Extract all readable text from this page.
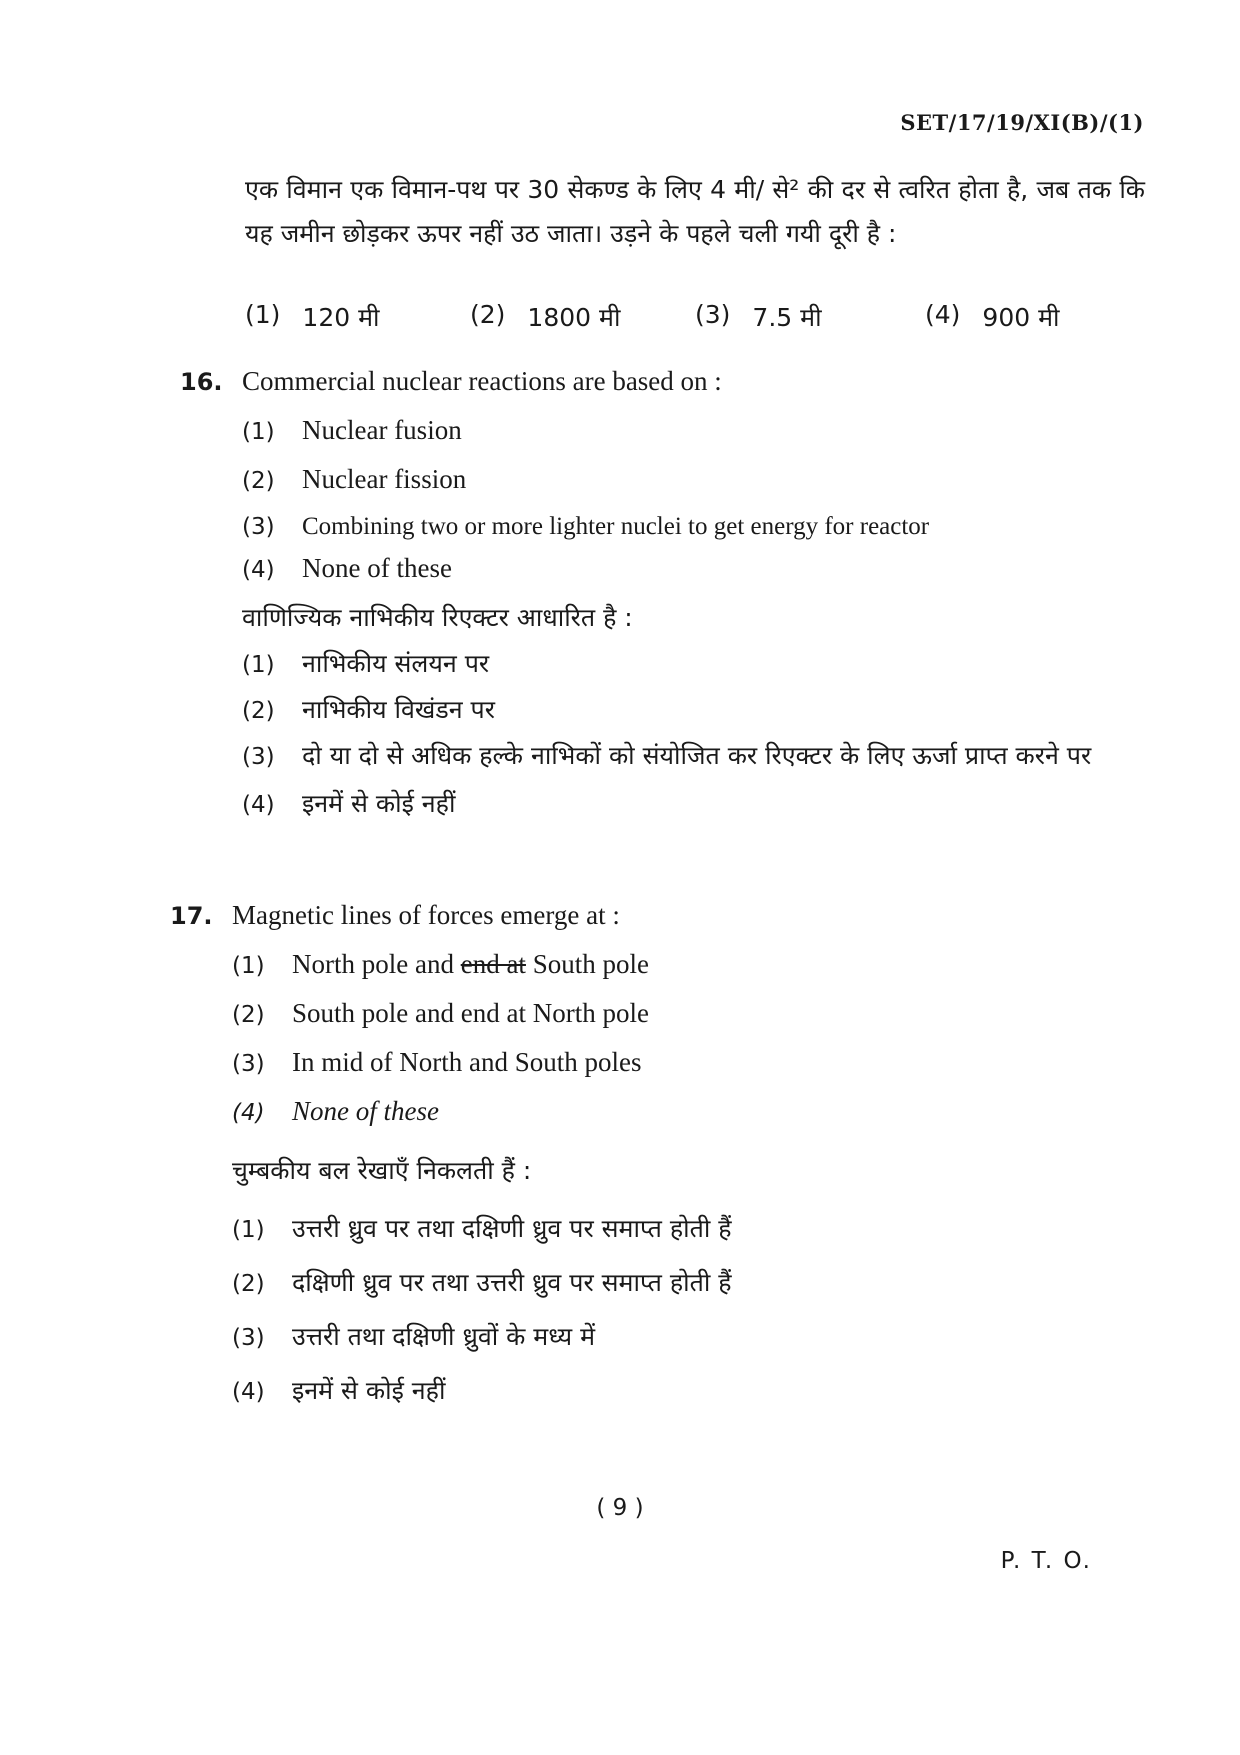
SET/17/19/XI(B)/(1)
एक विमान एक विमान-पथ पर 30 सेकण्ड के लिए 4 मी/ से² की दर से त्वरित होता है, जब तक कि यह जमीन छोड़कर ऊपर नहीं उठ जाता। उड़ने के पहले चली गयी दूरी है :
(1) 120 मी	(2) 1800 मी	(3) 7.5 मी	(4) 900 मी
16. Commercial nuclear reactions are based on :
(1)	Nuclear fusion
(2)	Nuclear fission
(3)	Combining two or more lighter nuclei to get energy for reactor
(4)	None of these
वाणिज्यिक नाभिकीय रिएक्टर आधारित है :
(1)	नाभिकीय संलयन पर
(2)	नाभिकीय विखंडन पर
(3)	दो या दो से अधिक हल्के नाभिकों को संयोजित कर रिएक्टर के लिए ऊर्जा प्राप्त करने पर
(4)	इनमें से कोई नहीं
17. Magnetic lines of forces emerge at :
(1)	North pole and end at South pole
(2)	South pole and end at North pole
(3)	In mid of North and South poles
(4)	None of these
चुम्बकीय बल रेखाएँ निकलती हैं :
(1)	उत्तरी ध्रुव पर तथा दक्षिणी ध्रुव पर समाप्त होती हैं
(2)	दक्षिणी ध्रुव पर तथा उत्तरी ध्रुव पर समाप्त होती हैं
(3)	उत्तरी तथा दक्षिणी ध्रुवों के मध्य में
(4)	इनमें से कोई नहीं
( 9 )
P. T. O.
